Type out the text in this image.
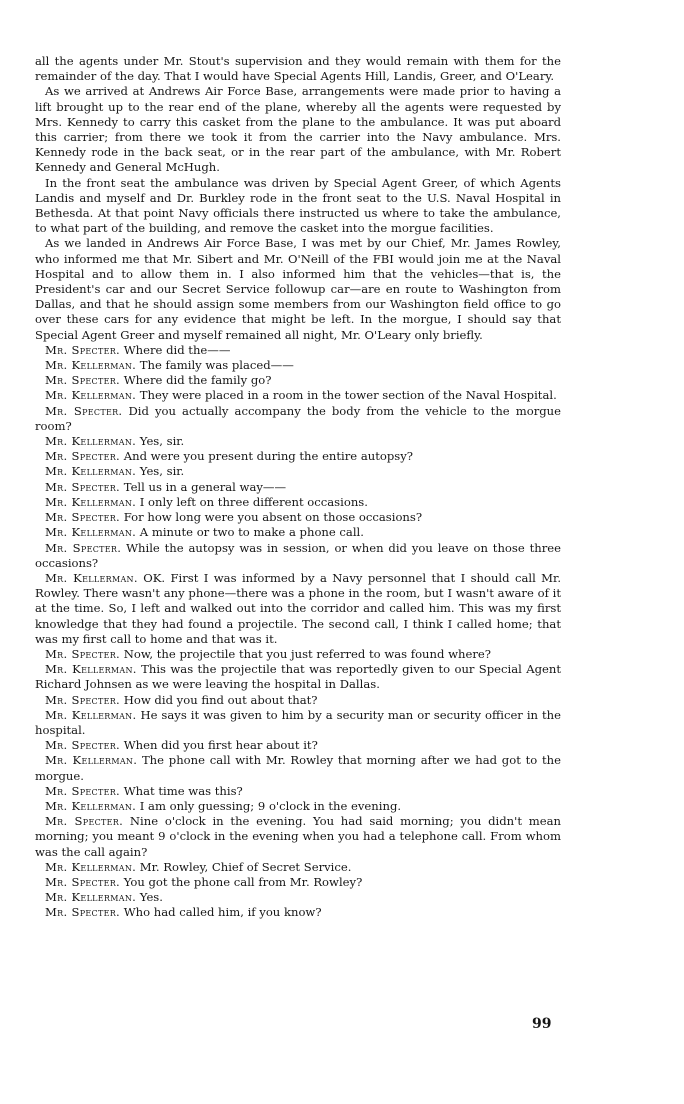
all the agents under Mr. Stout's supervision and they would remain with them for the remainder of the day. That I would have Special Agents Hill, Landis, Greer, and O'Leary.

As we arrived at Andrews Air Force Base, arrangements were made prior to having a lift brought up to the rear end of the plane, whereby all the agents were requested by Mrs. Kennedy to carry this casket from the plane to the ambulance. It was put aboard this carrier; from there we took it from the carrier into the Navy ambulance. Mrs. Kennedy rode in the back seat, or in the rear part of the ambulance, with Mr. Robert Kennedy and General McHugh.

In the front seat the ambulance was driven by Special Agent Greer, of which Agents Landis and myself and Dr. Burkley rode in the front seat to the U.S. Naval Hospital in Bethesda. At that point Navy officials there instructed us where to take the ambulance, to what part of the building, and remove the casket into the morgue facilities.

As we landed in Andrews Air Force Base, I was met by our Chief, Mr. James Rowley, who informed me that Mr. Sibert and Mr. O'Neill of the FBI would join me at the Naval Hospital and to allow them in. I also informed him that the vehicles—that is, the President's car and our Secret Service followup car—are en route to Washington from Dallas, and that he should assign some members from our Washington field office to go over these cars for any evidence that might be left. In the morgue, I should say that Special Agent Greer and myself remained all night, Mr. O'Leary only briefly.

Mr. Specter. Where did the——

Mr. Kellerman. The family was placed——

Mr. Specter. Where did the family go?

Mr. Kellerman. They were placed in a room in the tower section of the Naval Hospital.

Mr. Specter. Did you actually accompany the body from the vehicle to the morgue room?

Mr. Kellerman. Yes, sir.

Mr. Specter. And were you present during the entire autopsy?

Mr. Kellerman. Yes, sir.

Mr. Specter. Tell us in a general way——

Mr. Kellerman. I only left on three different occasions.

Mr. Specter. For how long were you absent on those occasions?

Mr. Kellerman. A minute or two to make a phone call.

Mr. Specter. While the autopsy was in session, or when did you leave on those three occasions?

Mr. Kellerman. OK. First I was informed by a Navy personnel that I should call Mr. Rowley. There wasn't any phone—there was a phone in the room, but I wasn't aware of it at the time. So, I left and walked out into the corridor and called him. This was my first knowledge that they had found a projectile. The second call, I think I called home; that was my first call to home and that was it.

Mr. Specter. Now, the projectile that you just referred to was found where?

Mr. Kellerman. This was the projectile that was reportedly given to our Special Agent Richard Johnsen as we were leaving the hospital in Dallas.

Mr. Specter. How did you find out about that?

Mr. Kellerman. He says it was given to him by a security man or security officer in the hospital.

Mr. Specter. When did you first hear about it?

Mr. Kellerman. The phone call with Mr. Rowley that morning after we had got to the morgue.

Mr. Specter. What time was this?

Mr. Kellerman. I am only guessing; 9 o'clock in the evening.

Mr. Specter. Nine o'clock in the evening. You had said morning; you didn't mean morning; you meant 9 o'clock in the evening when you had a telephone call. From whom was the call again?

Mr. Kellerman. Mr. Rowley, Chief of Secret Service.

Mr. Specter. You got the phone call from Mr. Rowley?

Mr. Kellerman. Yes.

Mr. Specter. Who had called him, if you know?

99
